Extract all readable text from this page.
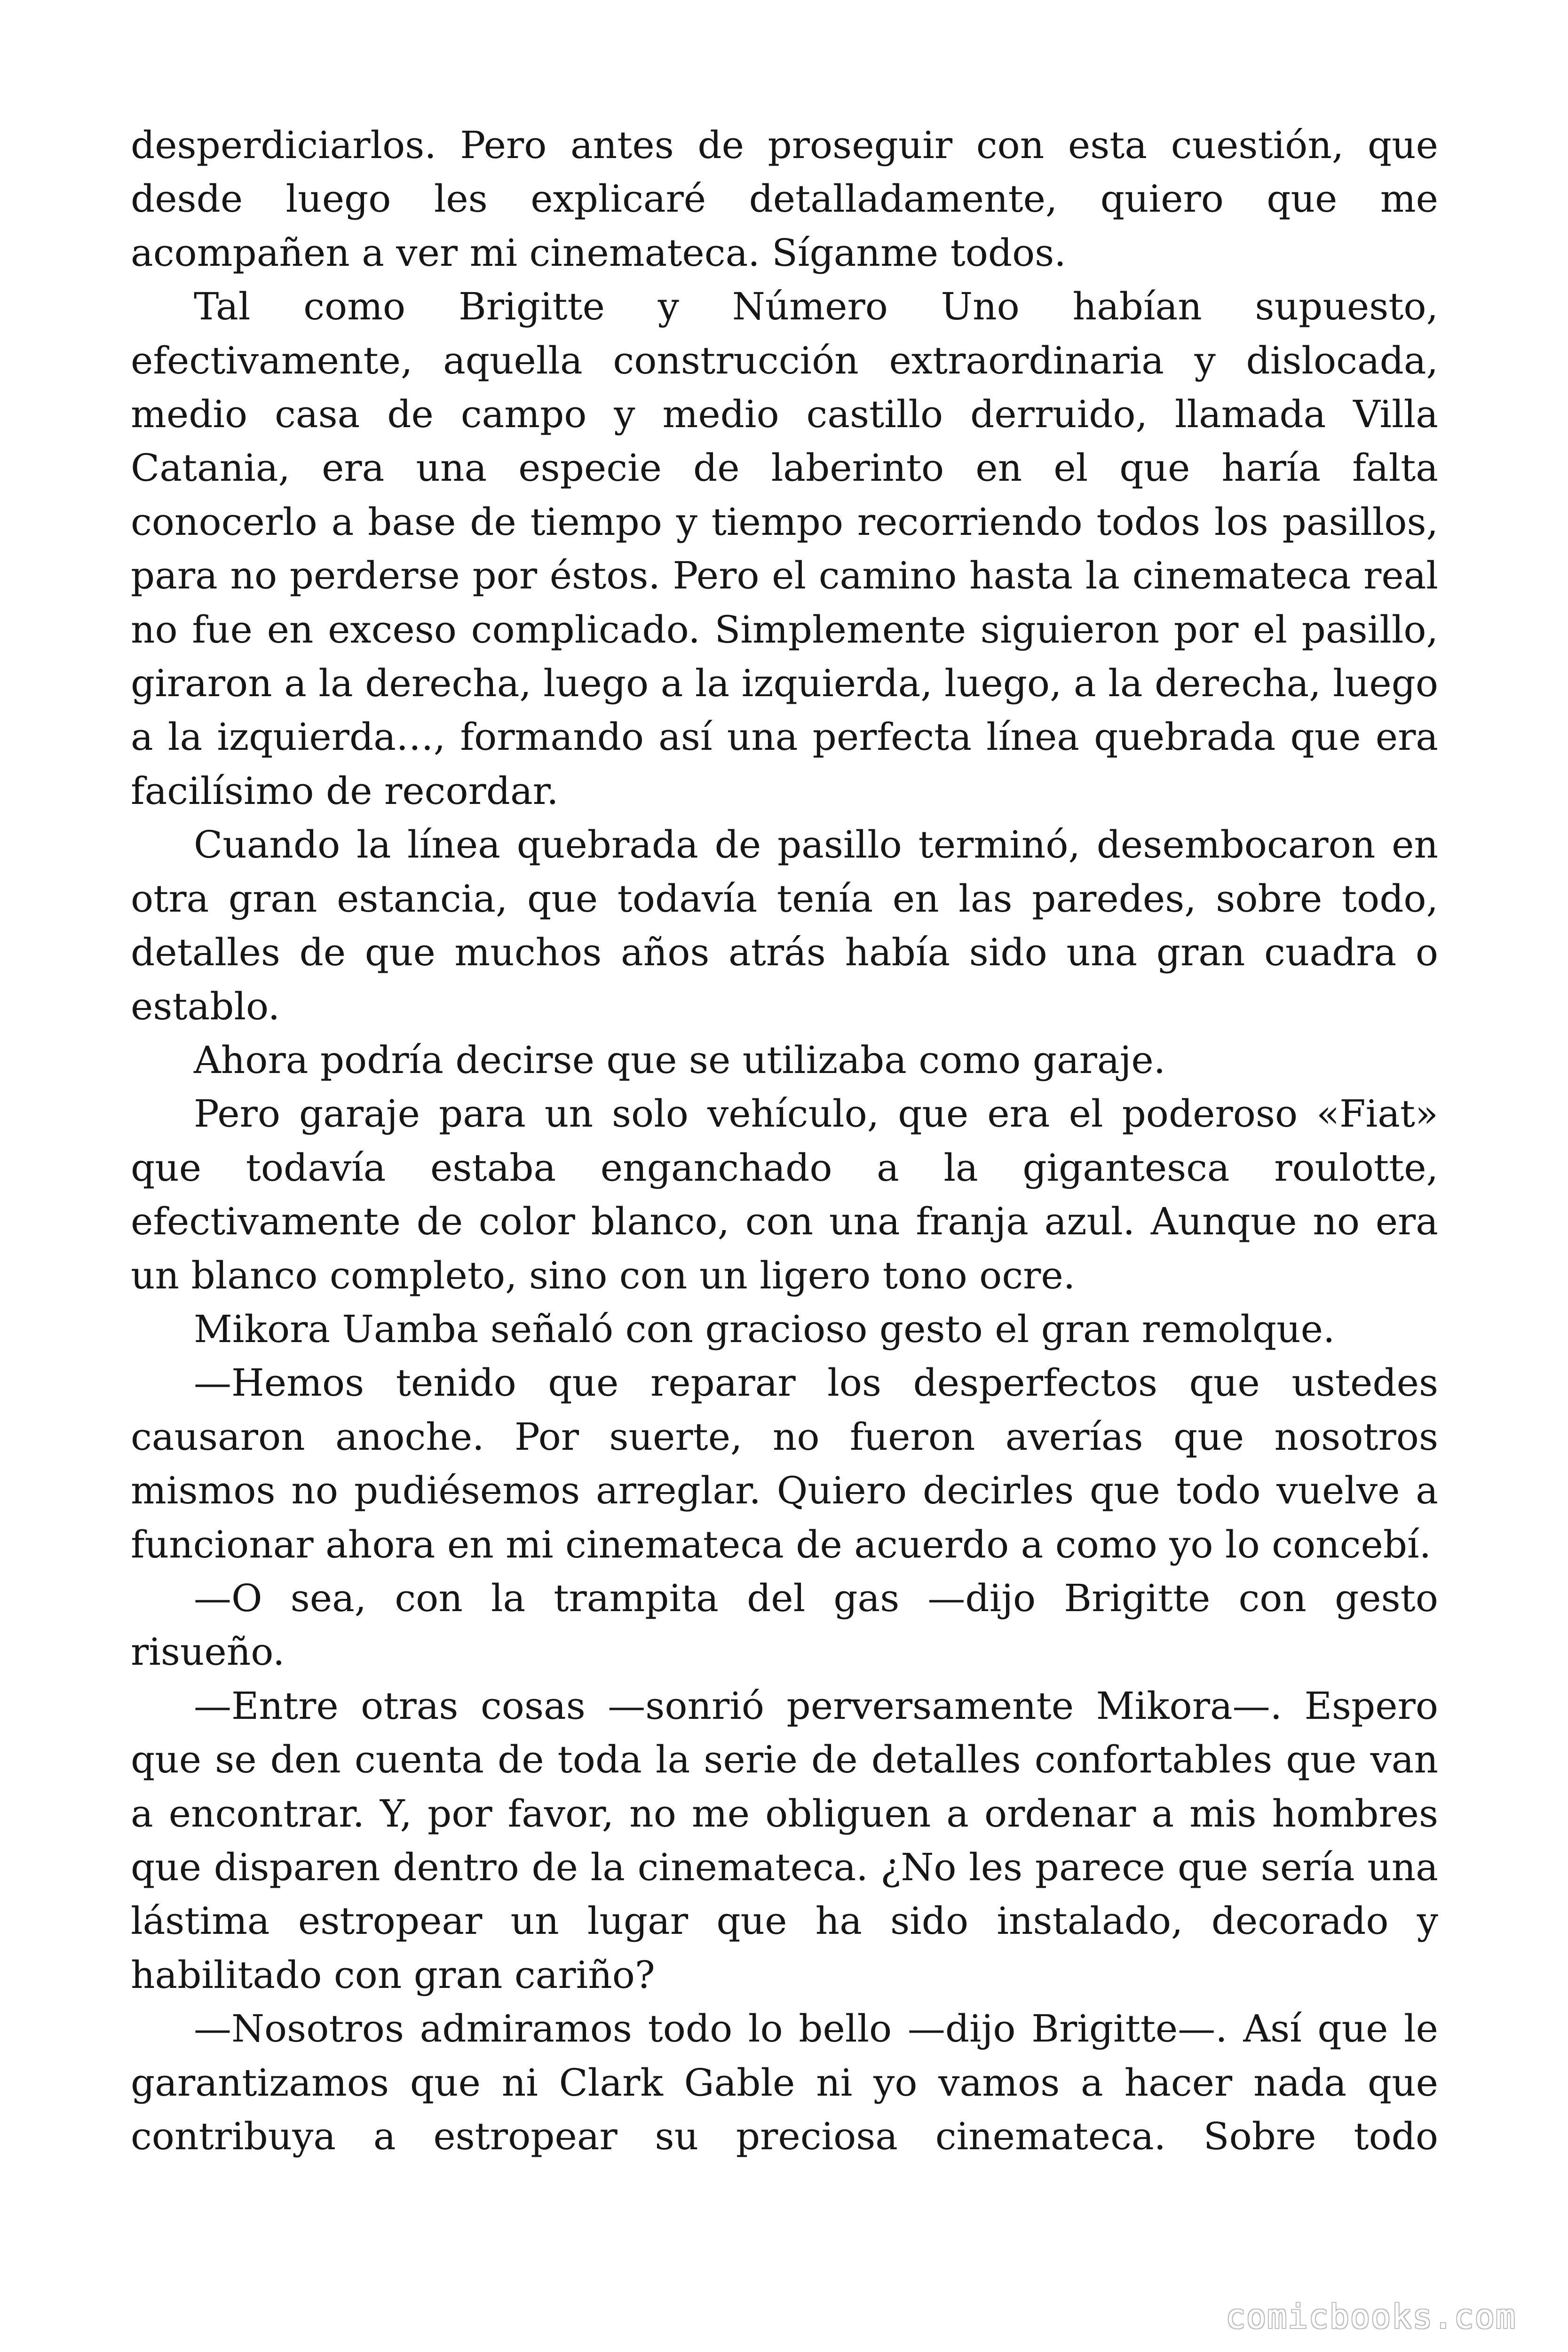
desperdiciarlos. Pero antes de proseguir con esta cuestión, que desde luego les explicaré detalladamente, quiero que me acompañen a ver mi cinemateca. Síganme todos.

Tal como Brigitte y Número Uno habían supuesto, efectivamente, aquella construcción extraordinaria y dislocada, medio casa de campo y medio castillo derruido, llamada Villa Catania, era una especie de laberinto en el que haría falta conocerlo a base de tiempo y tiempo recorriendo todos los pasillos, para no perderse por éstos. Pero el camino hasta la cinemateca real no fue en exceso complicado. Simplemente siguieron por el pasillo, giraron a la derecha, luego a la izquierda, luego, a la derecha, luego a la izquierda…, formando así una perfecta línea quebrada que era facilísimo de recordar.

Cuando la línea quebrada de pasillo terminó, desembocaron en otra gran estancia, que todavía tenía en las paredes, sobre todo, detalles de que muchos años atrás había sido una gran cuadra o establo.

Ahora podría decirse que se utilizaba como garaje.

Pero garaje para un solo vehículo, que era el poderoso «Fiat» que todavía estaba enganchado a la gigantesca roulotte, efectivamente de color blanco, con una franja azul. Aunque no era un blanco completo, sino con un ligero tono ocre.

Mikora Uamba señaló con gracioso gesto el gran remolque.

—Hemos tenido que reparar los desperfectos que ustedes causaron anoche. Por suerte, no fueron averías que nosotros mismos no pudiésemos arreglar. Quiero decirles que todo vuelve a funcionar ahora en mi cinemateca de acuerdo a como yo lo concebí.

—O sea, con la trampita del gas —dijo Brigitte con gesto risueño.

—Entre otras cosas —sonrió perversamente Mikora—. Espero que se den cuenta de toda la serie de detalles confortables que van a encontrar. Y, por favor, no me obliguen a ordenar a mis hombres que disparen dentro de la cinemateca. ¿No les parece que sería una lástima estropear un lugar que ha sido instalado, decorado y habilitado con gran cariño?

—Nosotros admiramos todo lo bello —dijo Brigitte—. Así que le garantizamos que ni Clark Gable ni yo vamos a hacer nada que contribuya a estropear su preciosa cinemateca. Sobre todo

comicbooks.com
